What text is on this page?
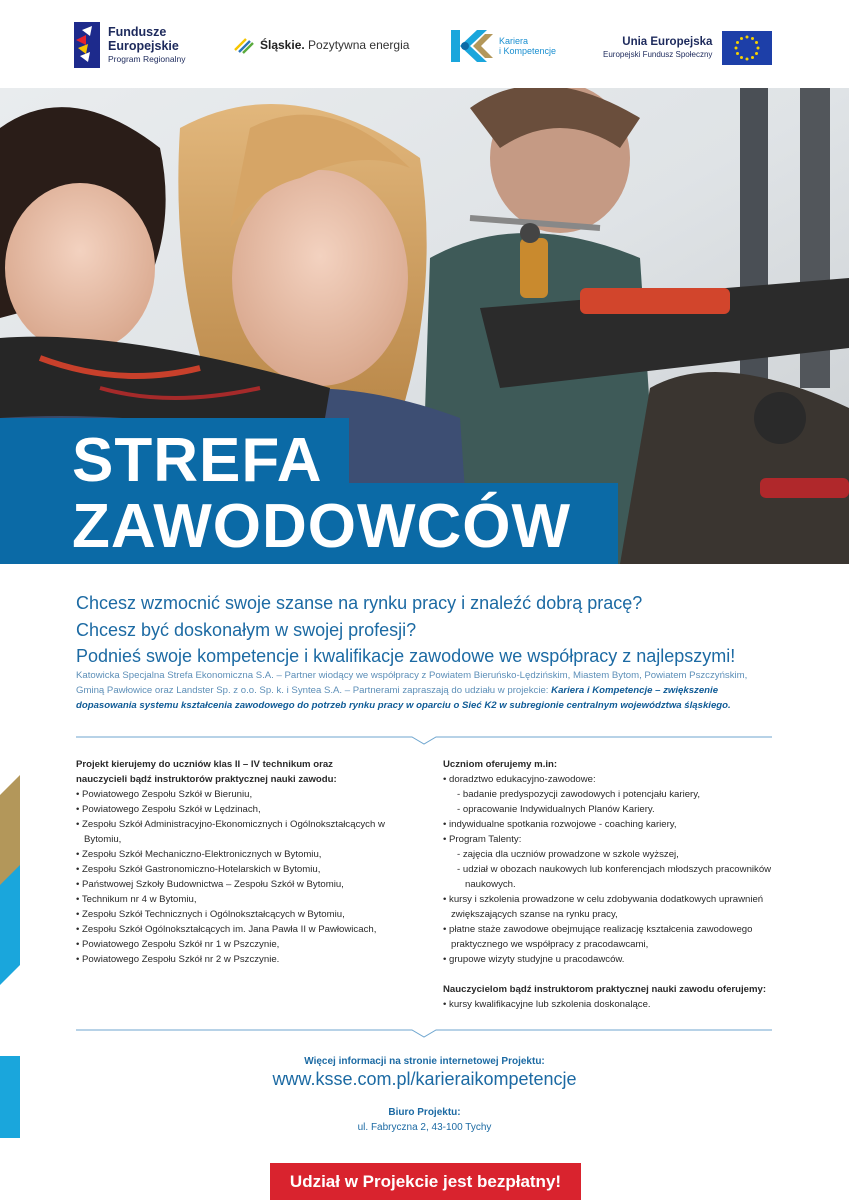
Fundusze
Europejskie
Program Regionalny
Śląskie. Pozytywna energia	Kariera
i Kompetencje
Unia Europejska
Europejski Fundusz Społeczny
STREFA
ZAWODOWCÓW
Chcesz wzmocnić swoje szanse na rynku pracy i znaleźć dobrą pracę?
Chcesz być doskonałym w swojej profesji?
Podnieś swoje kompetencje i kwalifikacje zawodowe we współpracy z najlepszymi!
Katowicka Specjalna Strefa Ekonomiczna S.A. – Partner wiodący we współpracy z Powiatem Bieruńsko-Lędzińskim, Miastem Bytom, Powiatem Pszczyńskim, Gminą Pawłowice oraz Landster Sp. z o.o. Sp. k. i Syntea S.A. – Partnerami zapraszają do udziału w projekcie: Kariera i Kompetencje – zwiększenie dopasowania systemu kształcenia zawodowego do potrzeb rynku pracy w oparciu o Sieć K2 w subregionie centralnym województwa śląskiego.
Projekt kierujemy do uczniów klas II – IV technikum oraz
nauczycieli bądź instruktorów praktycznej nauki zawodu:
• Powiatowego Zespołu Szkół w Bieruniu,
• Powiatowego Zespołu Szkół w Lędzinach,
• Zespołu Szkół Administracyjno-Ekonomicznych i Ogólnokształcących w Bytomiu,
• Zespołu Szkół Mechaniczno-Elektronicznych w Bytomiu,
• Zespołu Szkół Gastronomiczno-Hotelarskich w Bytomiu,
• Państwowej Szkoły Budownictwa – Zespołu Szkół w Bytomiu,
• Technikum nr 4 w Bytomiu,
• Zespołu Szkół Technicznych i Ogólnokształcących w Bytomiu,
• Zespołu Szkół Ogólnokształcących im. Jana Pawła II w Pawłowicach,
• Powiatowego Zespołu Szkół nr 1 w Pszczynie,
• Powiatowego Zespołu Szkół nr 2 w Pszczynie.
Uczniom oferujemy m.in:
• doradztwo edukacyjno-zawodowe:
- badanie predyspozycji zawodowych i potencjału kariery,
- opracowanie Indywidualnych Planów Kariery.
• indywidualne spotkania rozwojowe - coaching kariery,
• Program Talenty:
- zajęcia dla uczniów prowadzone w szkole wyższej,
- udział w obozach naukowych lub konferencjach młodszych pracowników naukowych.
• kursy i szkolenia prowadzone w celu zdobywania dodatkowych uprawnień zwiększających szanse na rynku pracy,
• płatne staże zawodowe obejmujące realizację kształcenia zawodowego praktycznego we współpracy z pracodawcami,
• grupowe wizyty studyjne u pracodawców.
Nauczycielom bądź instruktorom praktycznej nauki zawodu oferujemy:
• kursy kwalifikacyjne lub szkolenia doskonalące.
Więcej informacji na stronie internetowej Projektu:
www.ksse.com.pl/karieraikompetencje
Biuro Projektu:
ul. Fabryczna 2, 43-100 Tychy
Udział w Projekcie jest bezpłatny!
